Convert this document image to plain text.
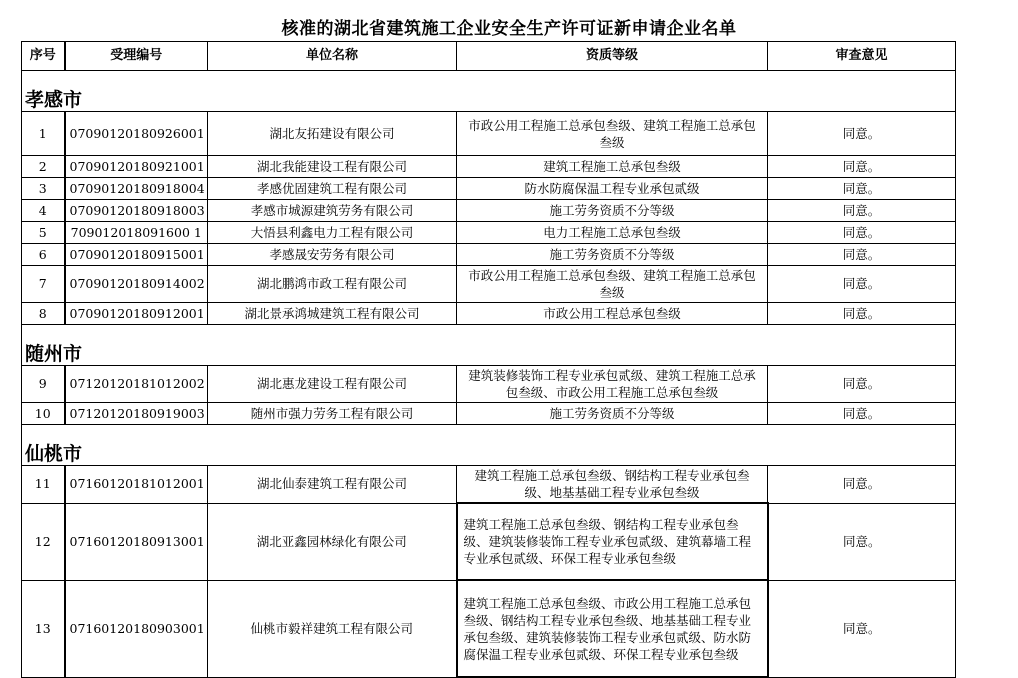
核准的湖北省建筑施工企业安全生产许可证新申请企业名单
序号	受理编号	单位名称	资质等级	审查意见
孝感市				
1	07090120180926001	湖北友拓建设有限公司	市政公用工程施工总承包叁级、建筑工程施工总承包叁级	同意。
2	07090120180921001	湖北我能建设工程有限公司	建筑工程施工总承包叁级	同意。
3	07090120180918004	孝感优固建筑工程有限公司	防水防腐保温工程专业承包贰级	同意。
4	07090120180918003	孝感市城源建筑劳务有限公司	施工劳务资质不分等级	同意。
5	709012018091600 1	大悟县利鑫电力工程有限公司	电力工程施工总承包叁级	同意。
6	07090120180915001	孝感晟安劳务有限公司	施工劳务资质不分等级	同意。
7	07090120180914002	湖北鹏鸿市政工程有限公司	市政公用工程施工总承包叁级、建筑工程施工总承包叁级	同意。
8	07090120180912001	湖北景承鸿城建筑工程有限公司	市政公用工程总承包叁级	同意。
随州市				
9	07120120181012002	湖北惠龙建设工程有限公司	建筑装修装饰工程专业承包贰级、建筑工程施工总承包叁级、市政公用工程施工总承包叁级	同意。
10	07120120180919003	随州市强力劳务工程有限公司	施工劳务资质不分等级	同意。
仙桃市				
11	07160120181012001	湖北仙泰建筑工程有限公司	建筑工程施工总承包叁级、钢结构工程专业承包叁级、地基基础工程专业承包叁级	同意。
12	07160120180913001	湖北亚鑫园林绿化有限公司	建筑工程施工总承包叁级、钢结构工程专业承包叁级、建筑装修装饰工程专业承包贰级、建筑幕墙工程专业承包贰级、环保工程专业承包叁级	同意。
13	07160120180903001	仙桃市毅祥建筑工程有限公司	建筑工程施工总承包叁级、市政公用工程施工总承包叁级、钢结构工程专业承包叁级、地基基础工程专业承包叁级、建筑装修装饰工程专业承包贰级、防水防腐保温工程专业承包贰级、环保工程专业承包叁级	同意。
